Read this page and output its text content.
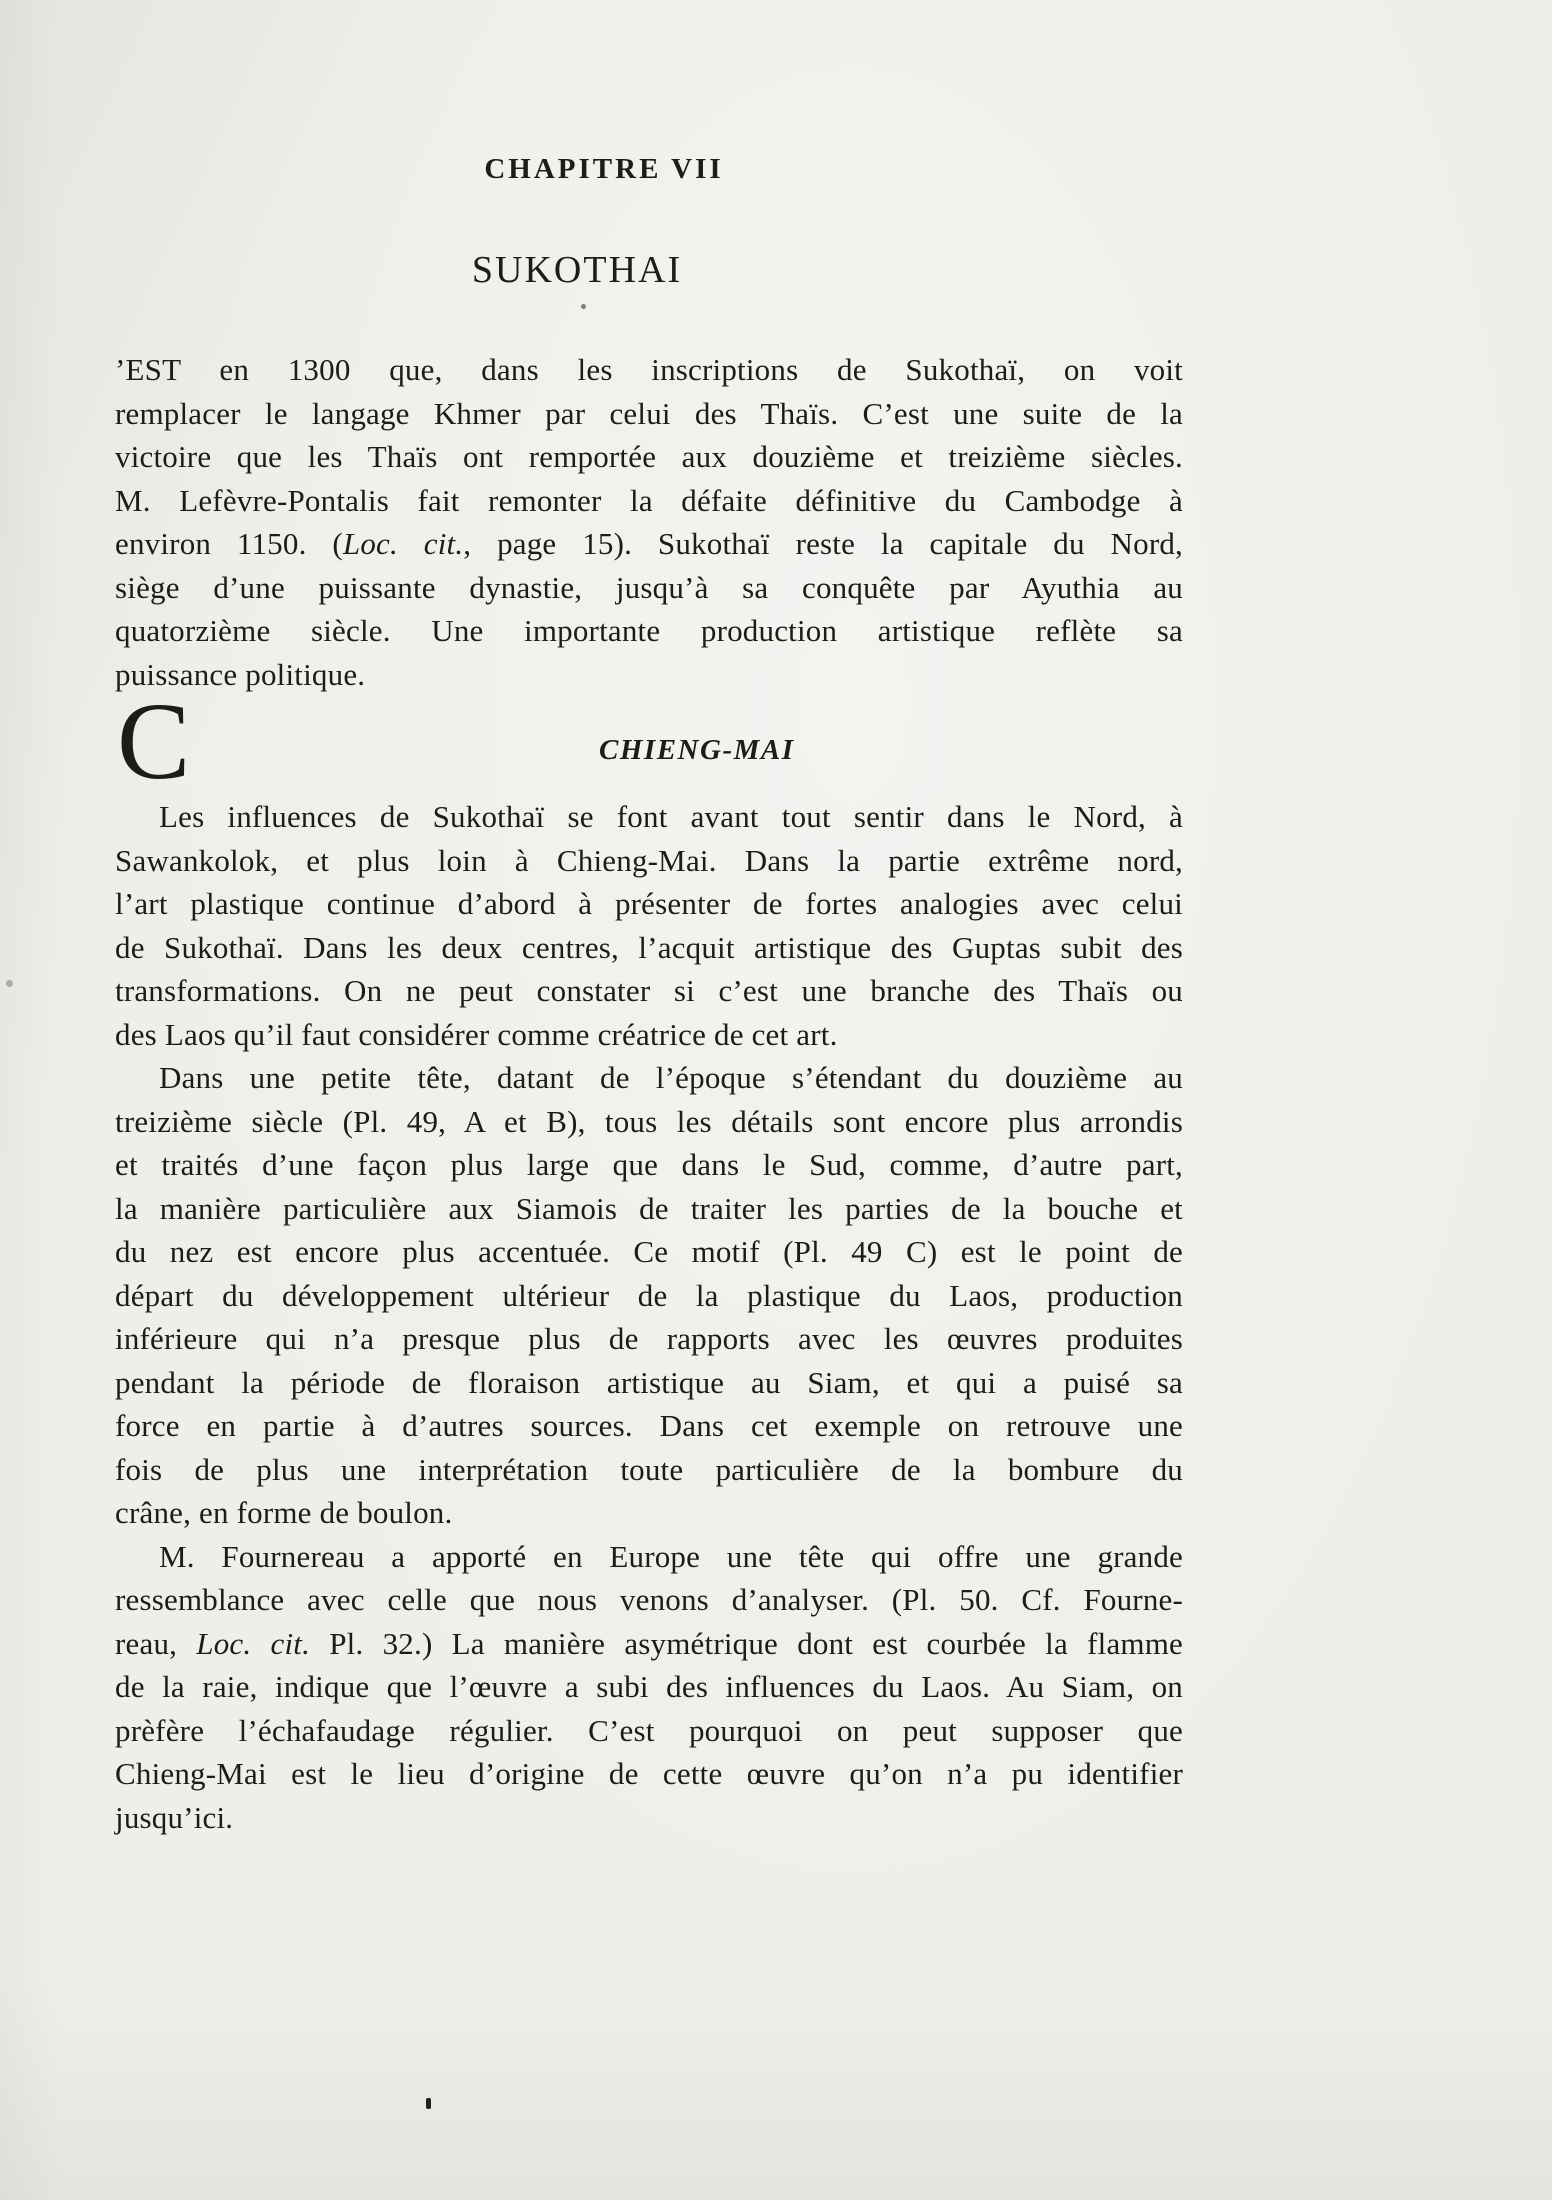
CHAPITRE VII
SUKOTHAI
’EST en 1300 que, dans les inscriptions de Sukothaï, on voit
remplacer le langage Khmer par celui des Thaïs. C’est une suite de la
victoire que les Thaïs ont remportée aux douzième et treizième siècles.
M. Lefèvre-Pontalis fait remonter la défaite définitive du Cambodge à
environ 1150. (Loc. cit., page 15). Sukothaï reste la capitale du Nord,
siège d’une puissante dynastie, jusqu’à sa conquête par Ayuthia au
quatorzième siècle. Une importante production artistique reflète sa
puissance politique.
C	CHIENG-MAI
Les influences de Sukothaï se font avant tout sentir dans le Nord, à
Sawankolok, et plus loin à Chieng-Mai. Dans la partie extrême nord,
l’art plastique continue d’abord à présenter de fortes analogies avec celui
de Sukothaï. Dans les deux centres, l’acquit artistique des Guptas subit des
transformations. On ne peut constater si c’est une branche des Thaïs ou
des Laos qu’il faut considérer comme créatrice de cet art.
Dans une petite tête, datant de l’époque s’étendant du douzième au
treizième siècle (Pl. 49, A et B), tous les détails sont encore plus arrondis
et traités d’une façon plus large que dans le Sud, comme, d’autre part,
la manière particulière aux Siamois de traiter les parties de la bouche et
du nez est encore plus accentuée. Ce motif (Pl. 49 C) est le point de
départ du développement ultérieur de la plastique du Laos, production
inférieure qui n’a presque plus de rapports avec les œuvres produites
pendant la période de floraison artistique au Siam, et qui a puisé sa
force en partie à d’autres sources. Dans cet exemple on retrouve une
fois de plus une interprétation toute particulière de la bombure du
crâne, en forme de boulon.
M. Fournereau a apporté en Europe une tête qui offre une grande
ressemblance avec celle que nous venons d’analyser. (Pl. 50. Cf. Fourne-
reau, Loc. cit. Pl. 32.) La manière asymétrique dont est courbée la flamme
de la raie, indique que l’œuvre a subi des influences du Laos. Au Siam, on
prèfère l’échafaudage régulier. C’est pourquoi on peut supposer que
Chieng-Mai est le lieu d’origine de cette œuvre qu’on n’a pu identifier
jusqu’ici.
